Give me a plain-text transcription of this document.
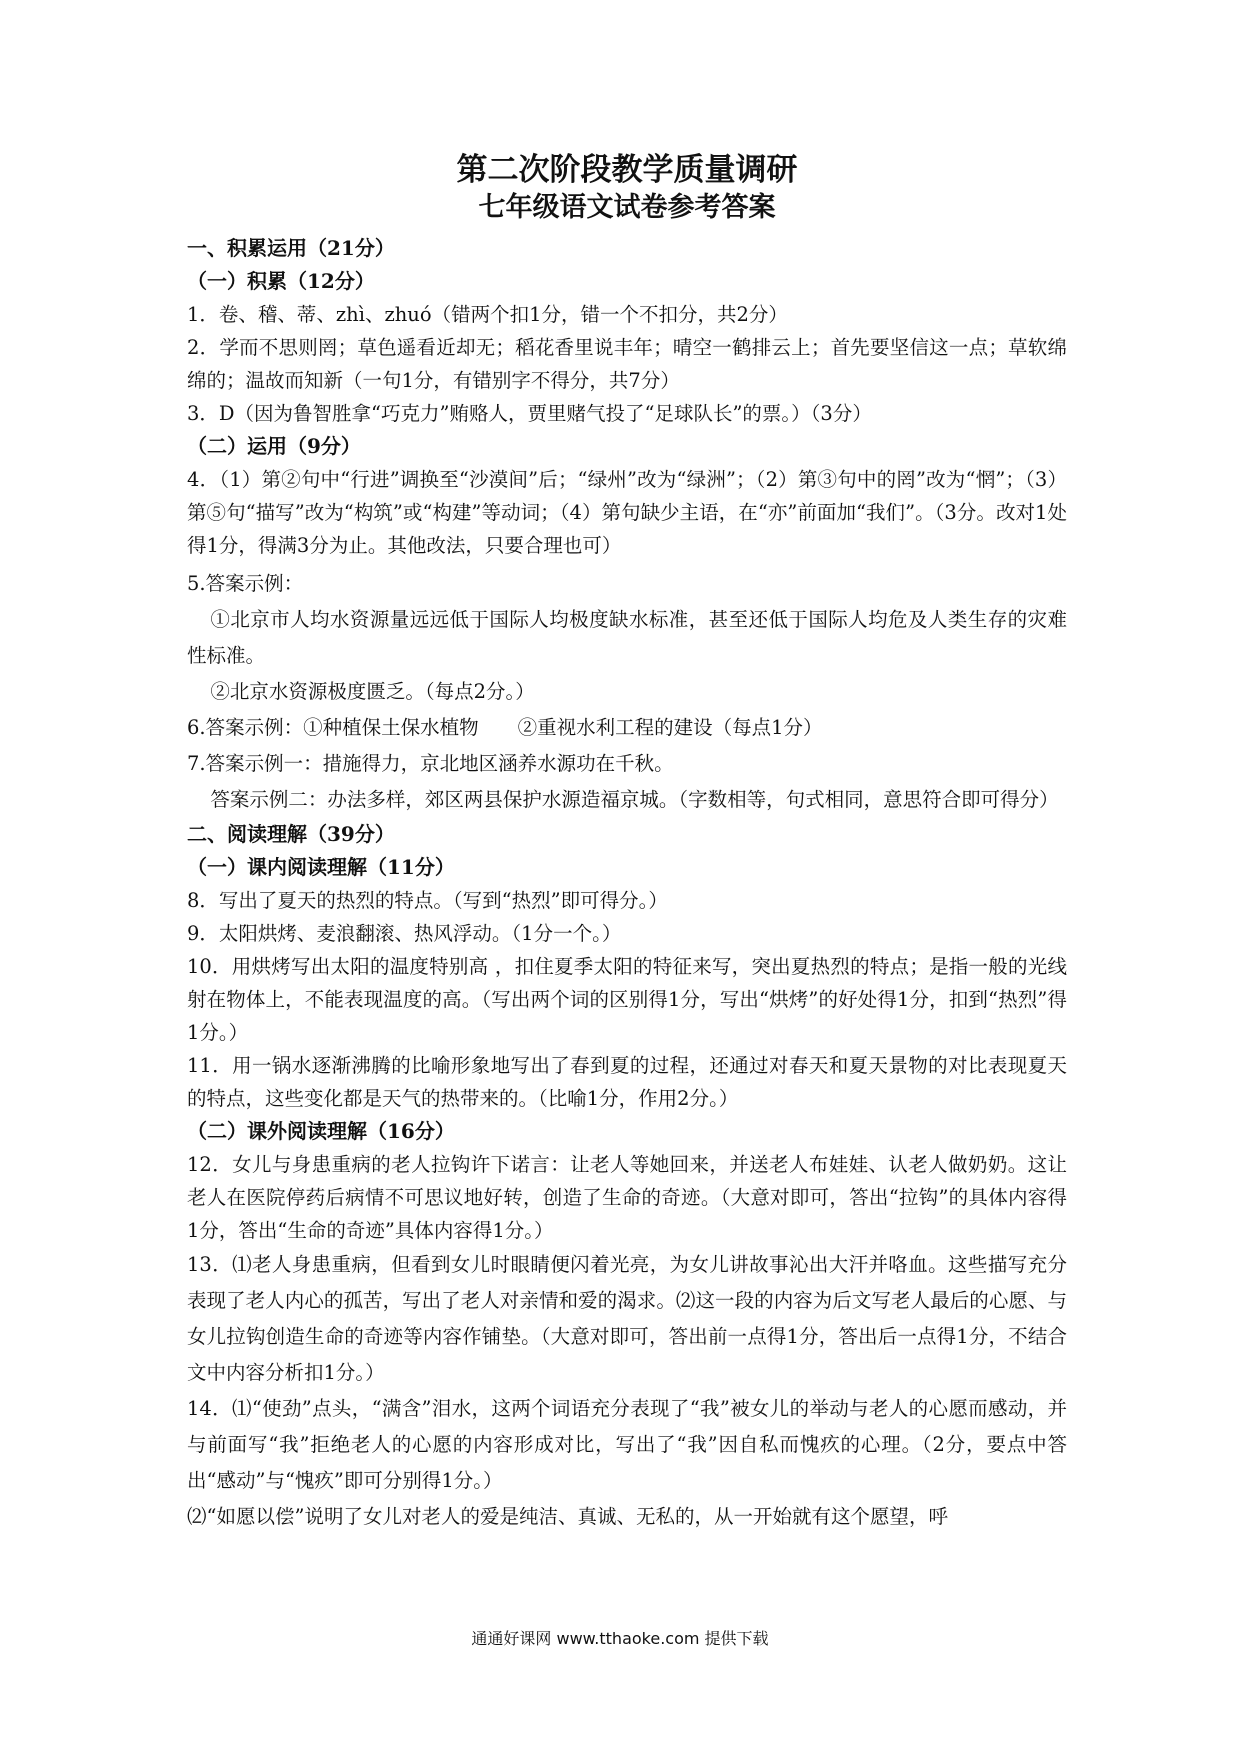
第二次阶段教学质量调研
七年级语文试卷参考答案

一、积累运用（21分）

（一）积累（12分）

1．卷、稽、蒂、zhì、zhuó（错两个扣1分，错一个不扣分，共2分）

2．学而不思则罔；草色遥看近却无；稻花香里说丰年；晴空一鹤排云上；首先要坚信这一点；草软绵绵的；温故而知新（一句1分，有错别字不得分，共7分）

3．D（因为鲁智胜拿“巧克力”贿赂人，贾里赌气投了“足球队长”的票。）（3分）

（二）运用（9分）

4．（1）第②句中“行进”调换至“沙漠间”后；“绿州”改为“绿洲”；（2）第③句中的罔”改为“惘”；（3）第⑤句“描写”改为“构筑”或“构建”等动词；（4）第句缺少主语，在“亦”前面加“我们”。（3分。改对1处得1分，得满3分为止。其他改法，只要合理也可）

5.答案示例：

①北京市人均水资源量远远低于国际人均极度缺水标准，甚至还低于国际人均危及人类生存的灾难性标准。

②北京水资源极度匮乏。（每点2分。）

6.答案示例：①种植保土保水植物　　②重视水利工程的建设（每点1分）

7.答案示例一：措施得力，京北地区涵养水源功在千秋。

答案示例二：办法多样，郊区两县保护水源造福京城。（字数相等，句式相同，意思符合即可得分）

二、阅读理解（39分）

（一）课内阅读理解（11分）

8．写出了夏天的热烈的特点。（写到“热烈”即可得分。）

9．太阳烘烤、麦浪翻滚、热风浮动。（1分一个。）

10．用烘烤写出太阳的温度特别高 ，扣住夏季太阳的特征来写，突出夏热烈的特点；是指一般的光线射在物体上，不能表现温度的高。（写出两个词的区别得1分，写出“烘烤”的好处得1分，扣到“热烈”得1分。）

11．用一锅水逐渐沸腾的比喻形象地写出了春到夏的过程，还通过对春天和夏天景物的对比表现夏天的特点，这些变化都是天气的热带来的。（比喻1分，作用2分。）

（二）课外阅读理解（16分）

12．女儿与身患重病的老人拉钩许下诺言：让老人等她回来，并送老人布娃娃、认老人做奶奶。这让老人在医院停药后病情不可思议地好转，创造了生命的奇迹。（大意对即可，答出“拉钩”的具体内容得1分，答出“生命的奇迹”具体内容得1分。）

13．⑴老人身患重病，但看到女儿时眼睛便闪着光亮，为女儿讲故事沁出大汗并咯血。这些描写充分表现了老人内心的孤苦，写出了老人对亲情和爱的渴求。⑵这一段的内容为后文写老人最后的心愿、与女儿拉钩创造生命的奇迹等内容作铺垫。（大意对即可，答出前一点得1分，答出后一点得1分，不结合文中内容分析扣1分。）

14．⑴“使劲”点头，“满含”泪水，这两个词语充分表现了“我”被女儿的举动与老人的心愿而感动，并与前面写“我”拒绝老人的心愿的内容形成对比，写出了“我”因自私而愧疚的心理。（2分，要点中答出“感动”与“愧疚”即可分别得1分。）

⑵“如愿以偿”说明了女儿对老人的爱是纯洁、真诚、无私的，从一开始就有这个愿望，呼

通通好课网 www.tthaoke.com 提供下载
